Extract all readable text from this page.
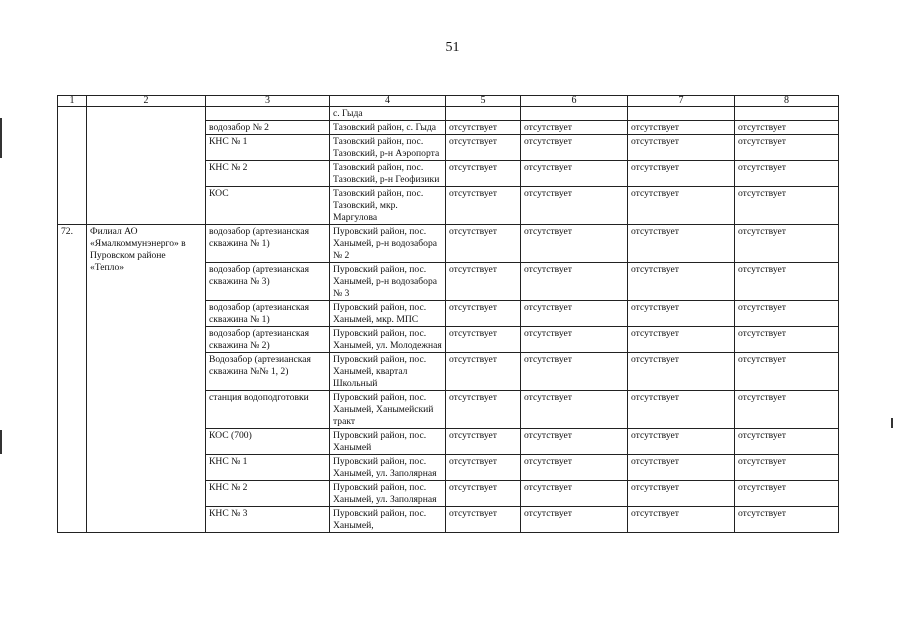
51
1	2	3	4	5	6	7	8
			с. Гыда				
		водозабор № 2	Тазовский район, с. Гыда	отсутствует	отсутствует	отсутствует	отсутствует
		КНС № 1	Тазовский район, пос. Тазовский, р-н Аэропорта	отсутствует	отсутствует	отсутствует	отсутствует
		КНС № 2	Тазовский район, пос. Тазовский, р-н Геофизики	отсутствует	отсутствует	отсутствует	отсутствует
		КОС	Тазовский район, пос. Тазовский, мкр. Маргулова	отсутствует	отсутствует	отсутствует	отсутствует
72.	Филиал АО «Ямалкоммунэнерго» в Пуровском районе «Тепло»	водозабор (артезианская скважина № 1)	Пуровский район, пос. Ханымей, р-н водозабора № 2	отсутствует	отсутствует	отсутствует	отсутствует
		водозабор (артезианская скважина № 3)	Пуровский район, пос. Ханымей, р-н водозабора № 3	отсутствует	отсутствует	отсутствует	отсутствует
		водозабор (артезианская скважина № 1)	Пуровский район, пос. Ханымей, мкр. МПС	отсутствует	отсутствует	отсутствует	отсутствует
		водозабор (артезианская скважина № 2)	Пуровский район, пос. Ханымей, ул. Молодежная	отсутствует	отсутствует	отсутствует	отсутствует
		Водозабор (артезианская скважина №№ 1, 2)	Пуровский район, пос. Ханымей, квартал Школьный	отсутствует	отсутствует	отсутствует	отсутствует
		станция водоподготовки	Пуровский район, пос. Ханымей, Ханымейский тракт	отсутствует	отсутствует	отсутствует	отсутствует
		КОС (700)	Пуровский район, пос. Ханымей	отсутствует	отсутствует	отсутствует	отсутствует
		КНС № 1	Пуровский район, пос. Ханымей, ул. Заполярная	отсутствует	отсутствует	отсутствует	отсутствует
		КНС № 2	Пуровский район, пос. Ханымей, ул. Заполярная	отсутствует	отсутствует	отсутствует	отсутствует
		КНС № 3	Пуровский район, пос. Ханымей,	отсутствует	отсутствует	отсутствует	отсутствует
